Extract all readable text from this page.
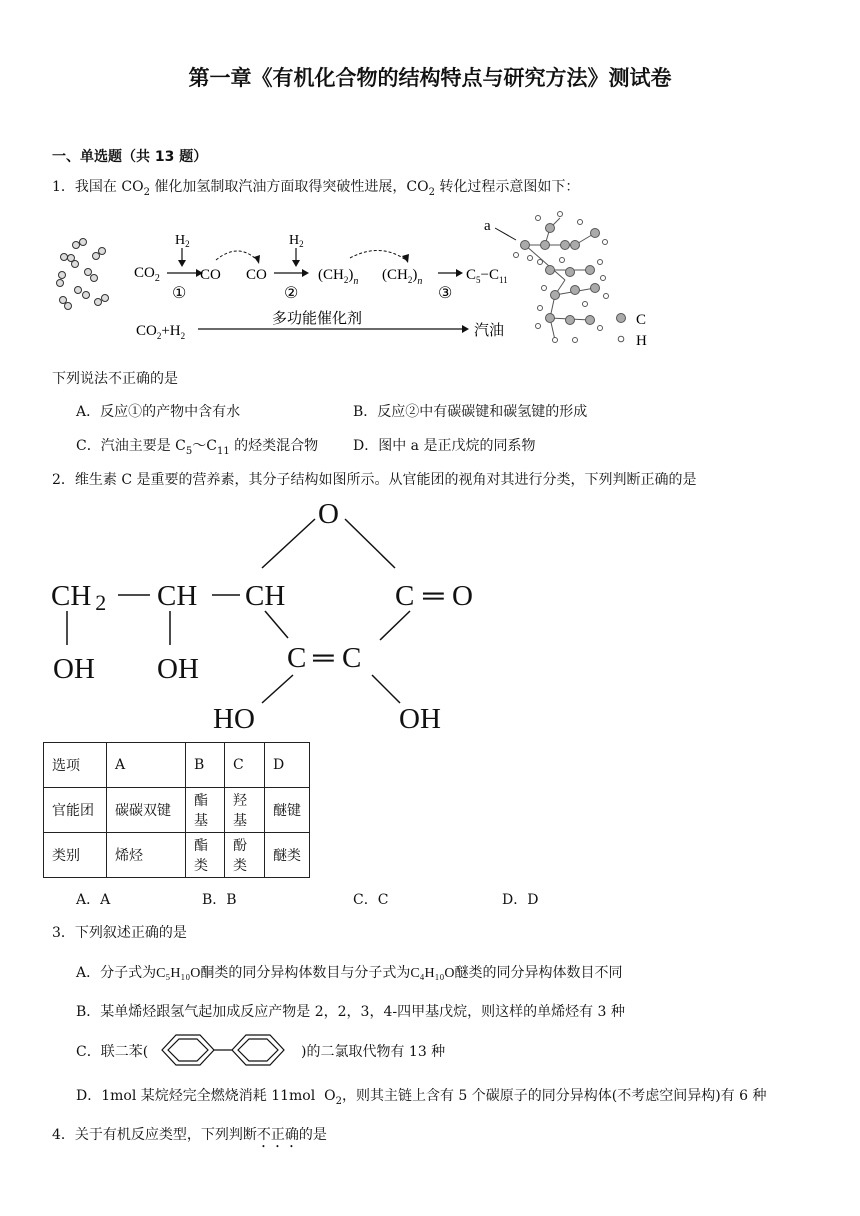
第一章《有机化合物的结构特点与研究方法》测试卷
一、单选题（共 13 题）
1．我国在 $CO_2$ 催化加氢制取汽油方面取得突破性进展，$CO_2$ 转化过程示意图如下：
$CO_2$
$H_2$
①
CO CO
$H_2$
②
$(CH_2)_n$ $(CH_2)_n$
③
$C_5-C_{11}$
$CO_2+H_2$
多功能催化剂
汽油
a
C
H
下列说法不正确的是
A．反应①的产物中含有水	B．反应②中有碳碳键和碳氢键的形成
C．汽油主要是 $C_5\sim C_{11}$ 的烃类混合物 D．图中 a 是正戊烷的同系物
2．维生素 C 是重要的营养素，其分子结构如图所示。从官能团的视角对其进行分类，下列判断正确的是
O
CH 2 CH CH	C ═ O
C ═ C
OH OH
HO	OH
选项	A	B	C	D
官能团	碳碳双键	酯基	羟基	醚键
类别	烯烃	酯类	酚类	醚类
A．A	B．B	C．C	D．D
3．下列叙述正确的是
A．分子式为C₅H₁₀O酮类的同分异构体数目与分子式为C₄H₁₀O醚类的同分异构体数目不同
B．某单烯烃跟氢气起加成反应产物是 2，2，3，4-四甲基戊烷，则这样的单烯烃有 3 种
C．联二苯(	)的二氯取代物有 13 种
D．1mol 某烷烃完全燃烧消耗 11mol $O_2$，则其主链上含有 5 个碳原子的同分异构体(不考虑空间异构)有 6 种
4．关于有机反应类型，下列判断不正确的是
